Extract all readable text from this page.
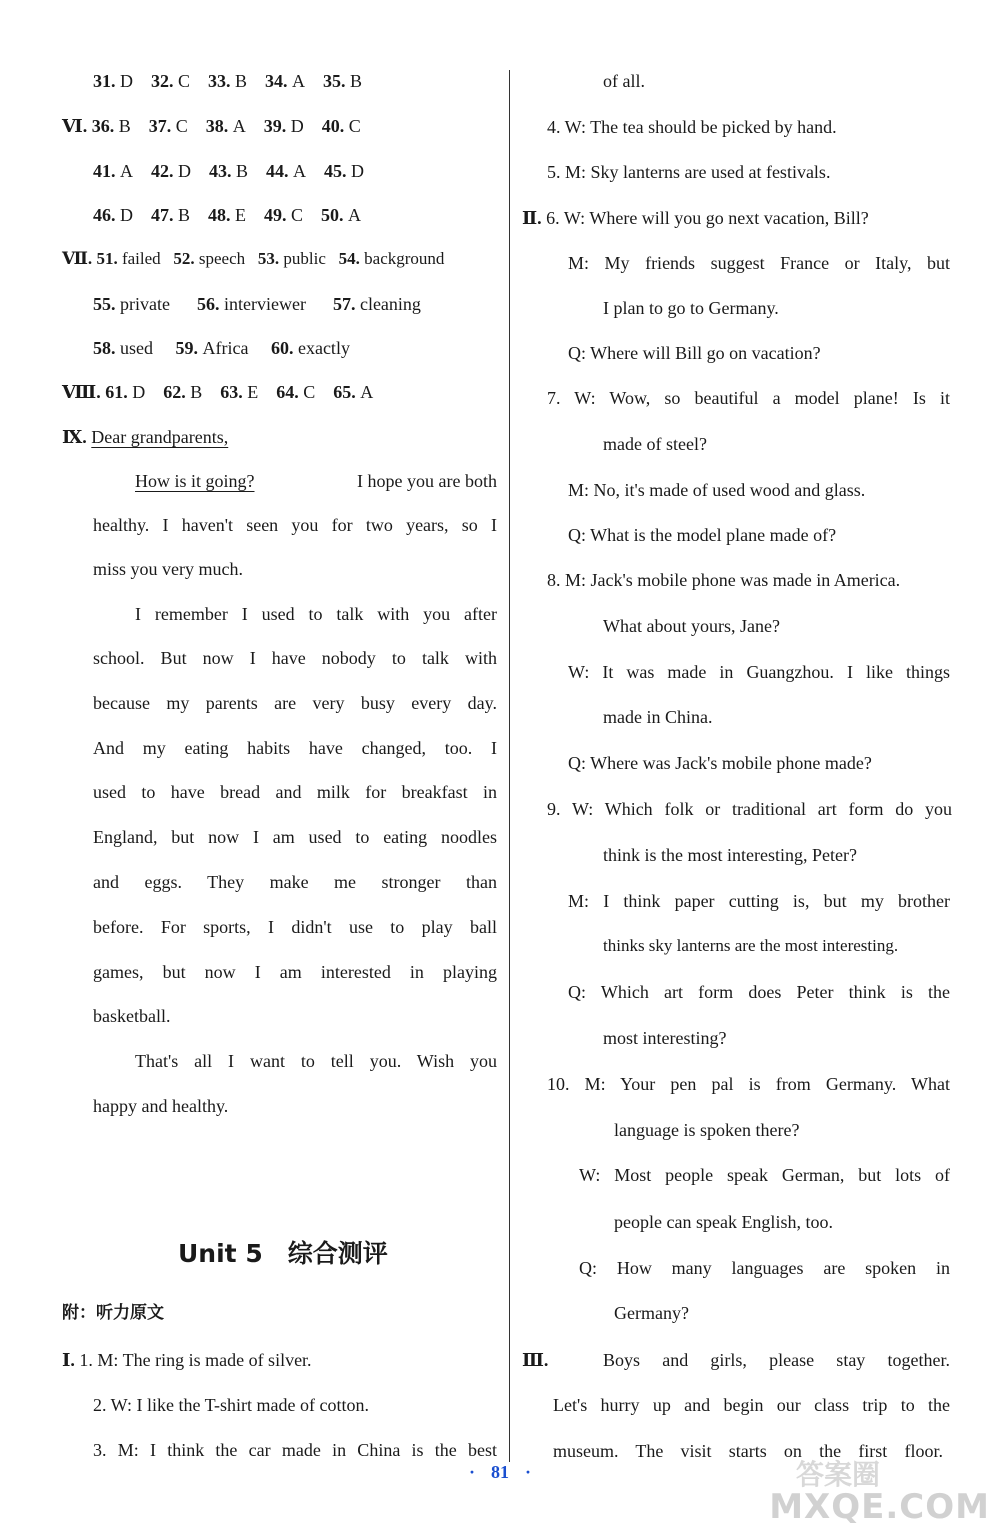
31. D 32. C 33. B 34. A 35. B
Ⅵ. 36. B 37. C 38. A 39. D 40. C
41. A 42. D 43. B 44. A 45. D
46. D 47. B 48. E 49. C 50. A
Ⅶ. 51. failed 52. speech 53. public 54. background
55. private 56. interviewer 57. cleaning
58. used 59. Africa 60. exactly
Ⅷ. 61. D 62. B 63. E 64. C 65. A
Ⅸ. Dear grandparents,
How is it going?	I hope you are both
healthy. I haven't seen you for two years, so I
miss you very much.
I remember I used to talk with you after
school. But now I have nobody to talk with
because my parents are very busy every day.
And my eating habits have changed, too. I
used to have bread and milk for breakfast in
England, but now I am used to eating noodles
and eggs. They make me stronger than
before. For sports, I didn't use to play ball
games, but now I am interested in playing
basketball.
That's all I want to tell you. Wish you
happy and healthy.
Unit 5　综合测评
附：听力原文
Ⅰ. 1. M: The ring is made of silver.
2. W: I like the T-shirt made of cotton.
3. M: I think the car made in China is the best
of all.
4. W: The tea should be picked by hand.
5. M: Sky lanterns are used at festivals.
Ⅱ. 6. W: Where will you go next vacation, Bill?
M: My friends suggest France or Italy, but
I plan to go to Germany.
Q: Where will Bill go on vacation?
7. W: Wow, so beautiful a model plane! Is it
made of steel?
M: No, it's made of used wood and glass.
Q: What is the model plane made of?
8. M: Jack's mobile phone was made in America.
What about yours, Jane?
W: It was made in Guangzhou. I like things
made in China.
Q: Where was Jack's mobile phone made?
9. W: Which folk or traditional art form do you
think is the most interesting, Peter?
M: I think paper cutting is, but my brother
thinks sky lanterns are the most interesting.
Q: Which art form does Peter think is the
most interesting?
10. M: Your pen pal is from Germany. What
language is spoken there?
W: Most people speak German, but lots of
people can speak English, too.
Q: How many languages are spoken in
Germany?
Ⅲ.	Boys and girls, please stay together.
Let's hurry up and begin our class trip to the
museum. The visit starts on the first floor.
· 81 ·	答案圈
MXQE.COM
